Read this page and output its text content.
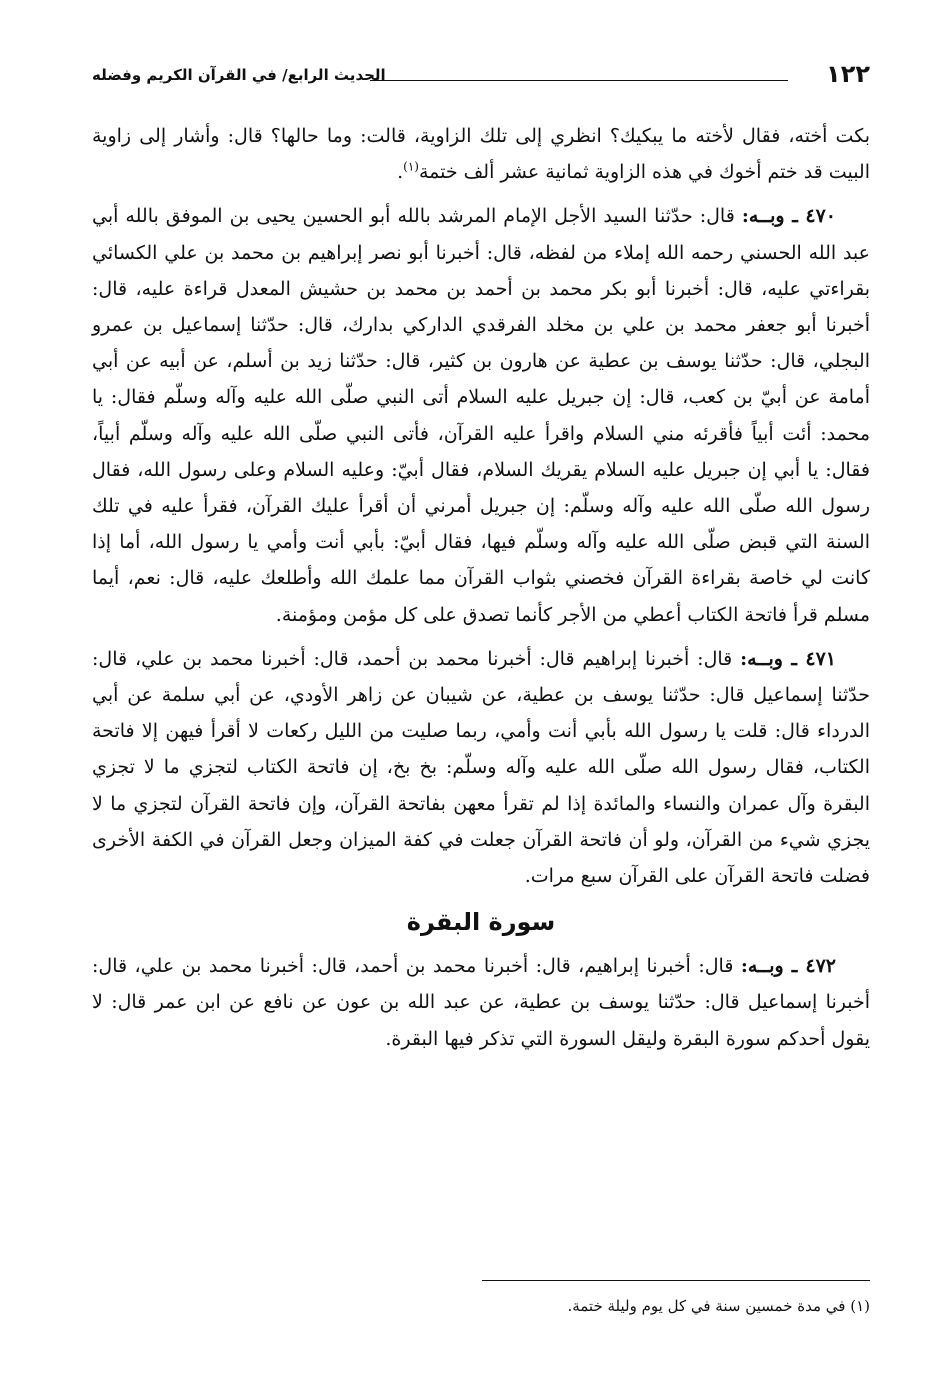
١٢٢
الحديث الرابع/ في القرآن الكريم وفضله

بكت أخته، فقال لأخته ما يبكيك؟ انظري إلى تلك الزاوية، قالت: وما حالها؟ قال: وأشار إلى زاوية البيت قد ختم أخوك في هذه الزاوية ثمانية عشر ألف ختمة$^{(١)}$.

٤٧٠ ـ وبــه: قال: حدّثنا السيد الأجل الإمام المرشد بالله أبو الحسين يحيى بن الموفق بالله أبي عبد الله الحسني رحمه الله إملاء من لفظه، قال: أخبرنا أبو نصر إبراهيم بن محمد بن علي الكسائي بقراءتي عليه، قال: أخبرنا أبو بكر محمد بن أحمد بن محمد بن حشيش المعدل قراءة عليه، قال: أخبرنا أبو جعفر محمد بن علي بن مخلد الفرقدي الداركي بدارك، قال: حدّثنا إسماعيل بن عمرو البجلي، قال: حدّثنا يوسف بن عطية عن هارون بن كثير، قال: حدّثنا زيد بن أسلم، عن أبيه عن أبي أمامة عن أبيّ بن كعب، قال: إن جبريل عليه السلام أتى النبي صلّى الله عليه وآله وسلّم فقال: يا محمد: أئت أبياً فأقرئه مني السلام واقرأ عليه القرآن، فأتى النبي صلّى الله عليه وآله وسلّم أبياً، فقال: يا أبي إن جبريل عليه السلام يقريك السلام، فقال أبيّ: وعليه السلام وعلى رسول الله، فقال رسول الله صلّى الله عليه وآله وسلّم: إن جبريل أمرني أن أقرأ عليك القرآن، فقرأ عليه في تلك السنة التي قبض صلّى الله عليه وآله وسلّم فيها، فقال أبيّ: بأبي أنت وأمي يا رسول الله، أما إذا كانت لي خاصة بقراءة القرآن فخصني بثواب القرآن مما علمك الله وأطلعك عليه، قال: نعم، أيما مسلم قرأ فاتحة الكتاب أعطي من الأجر كأنما تصدق على كل مؤمن ومؤمنة.

٤٧١ ـ وبــه: قال: أخبرنا إبراهيم قال: أخبرنا محمد بن أحمد، قال: أخبرنا محمد بن علي، قال: حدّثنا إسماعيل قال: حدّثنا يوسف بن عطية، عن شيبان عن زاهر الأودي، عن أبي سلمة عن أبي الدرداء قال: قلت يا رسول الله بأبي أنت وأمي، ربما صليت من الليل ركعات لا أقرأ فيهن إلا فاتحة الكتاب، فقال رسول الله صلّى الله عليه وآله وسلّم: بخ بخ، إن فاتحة الكتاب لتجزي ما لا تجزي البقرة وآل عمران والنساء والمائدة إذا لم تقرأ معهن بفاتحة القرآن، وإن فاتحة القرآن لتجزي ما لا يجزي شيء من القرآن، ولو أن فاتحة القرآن جعلت في كفة الميزان وجعل القرآن في الكفة الأخرى فضلت فاتحة القرآن على القرآن سبع مرات.

سورة البقرة

٤٧٢ ـ وبــه: قال: أخبرنا إبراهيم، قال: أخبرنا محمد بن أحمد، قال: أخبرنا محمد بن علي، قال: أخبرنا إسماعيل قال: حدّثنا يوسف بن عطية، عن عبد الله بن عون عن نافع عن ابن عمر قال: لا يقول أحدكم سورة البقرة وليقل السورة التي تذكر فيها البقرة.

(١) في مدة خمسين سنة في كل يوم وليلة ختمة.
